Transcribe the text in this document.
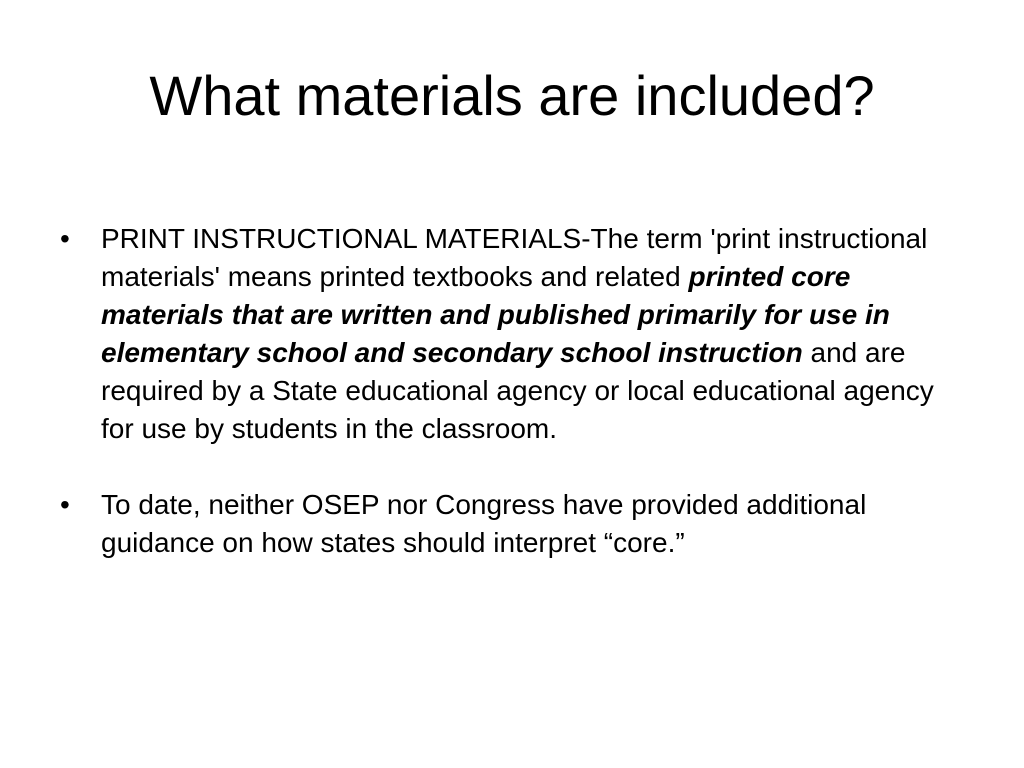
What materials are included?
•	PRINT INSTRUCTIONAL MATERIALS-The term 'print instructional materials' means printed textbooks and related printed core materials that are written and published primarily for use in elementary school and secondary school instruction and are required by a State educational agency or local educational agency for use by students in the classroom.
•	To date, neither OSEP nor Congress have provided additional guidance on how states should interpret “core.”
